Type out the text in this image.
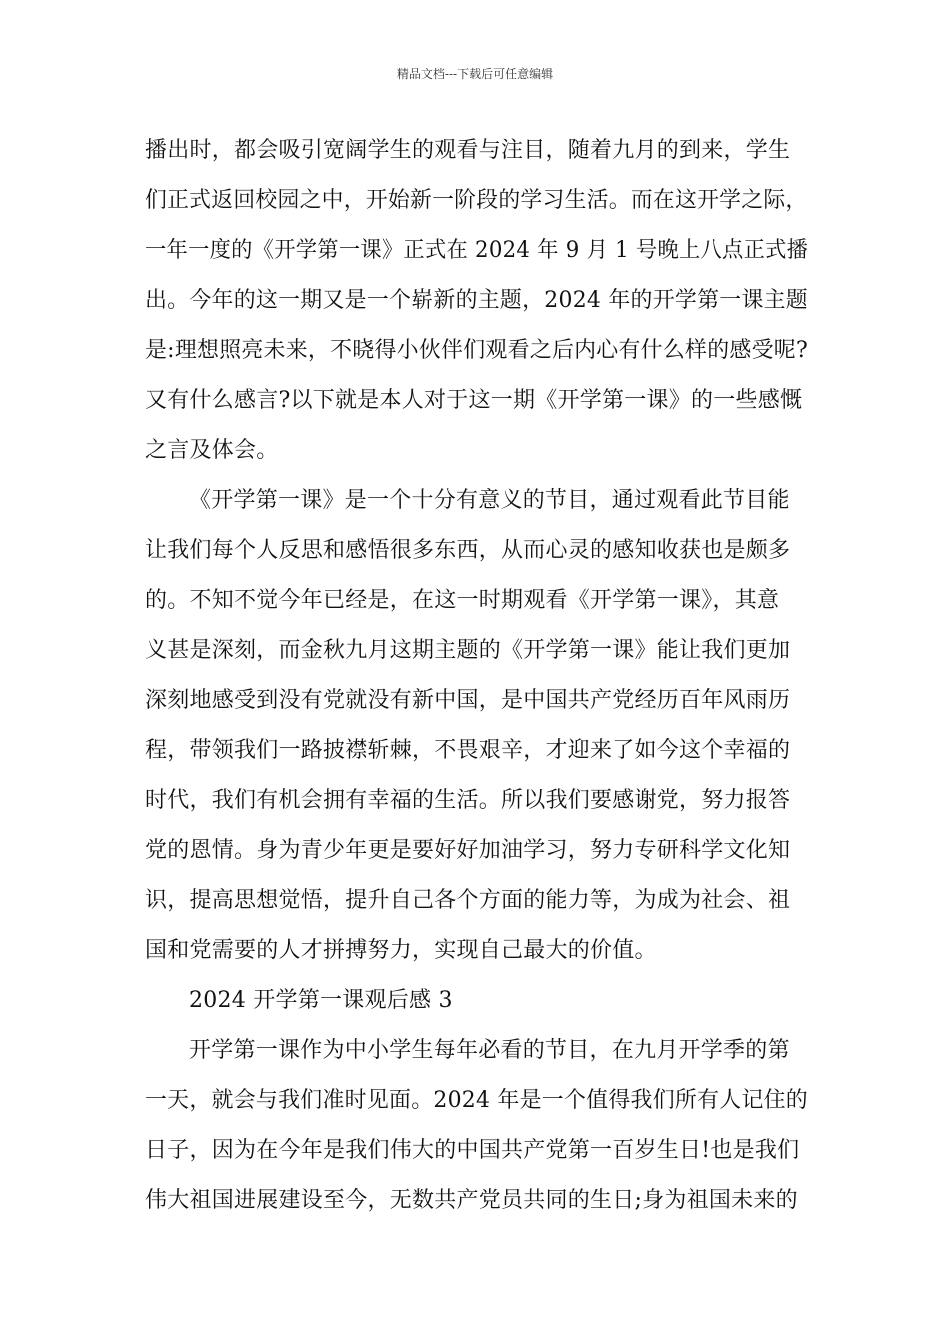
精品文档---下载后可任意编辑
播出时，都会吸引宽阔学生的观看与注目，随着九月的到来，学生
们正式返回校园之中，开始新一阶段的学习生活。而在这开学之际，
一年一度的《开学第一课》正式在 2024 年 9 月 1 号晚上八点正式播
出。今年的这一期又是一个崭新的主题，2024 年的开学第一课主题
是:理想照亮未来，不晓得小伙伴们观看之后内心有什么样的感受呢?
又有什么感言?以下就是本人对于这一期《开学第一课》的一些感慨
之言及体会。
《开学第一课》是一个十分有意义的节目，通过观看此节目能
让我们每个人反思和感悟很多东西，从而心灵的感知收获也是颇多
的。不知不觉今年已经是，在这一时期观看《开学第一课》，其意
义甚是深刻，而金秋九月这期主题的《开学第一课》能让我们更加
深刻地感受到没有党就没有新中国，是中国共产党经历百年风雨历
程，带领我们一路披襟斩棘，不畏艰辛，才迎来了如今这个幸福的
时代，我们有机会拥有幸福的生活。所以我们要感谢党，努力报答
党的恩情。身为青少年更是要好好加油学习，努力专研科学文化知
识，提高思想觉悟，提升自己各个方面的能力等，为成为社会、祖
国和党需要的人才拼搏努力，实现自己最大的价值。
2024 开学第一课观后感 3
开学第一课作为中小学生每年必看的节目，在九月开学季的第
一天，就会与我们准时见面。2024 年是一个值得我们所有人记住的
日子，因为在今年是我们伟大的中国共产党第一百岁生日!也是我们
伟大祖国进展建设至今，无数共产党员共同的生日;身为祖国未来的
